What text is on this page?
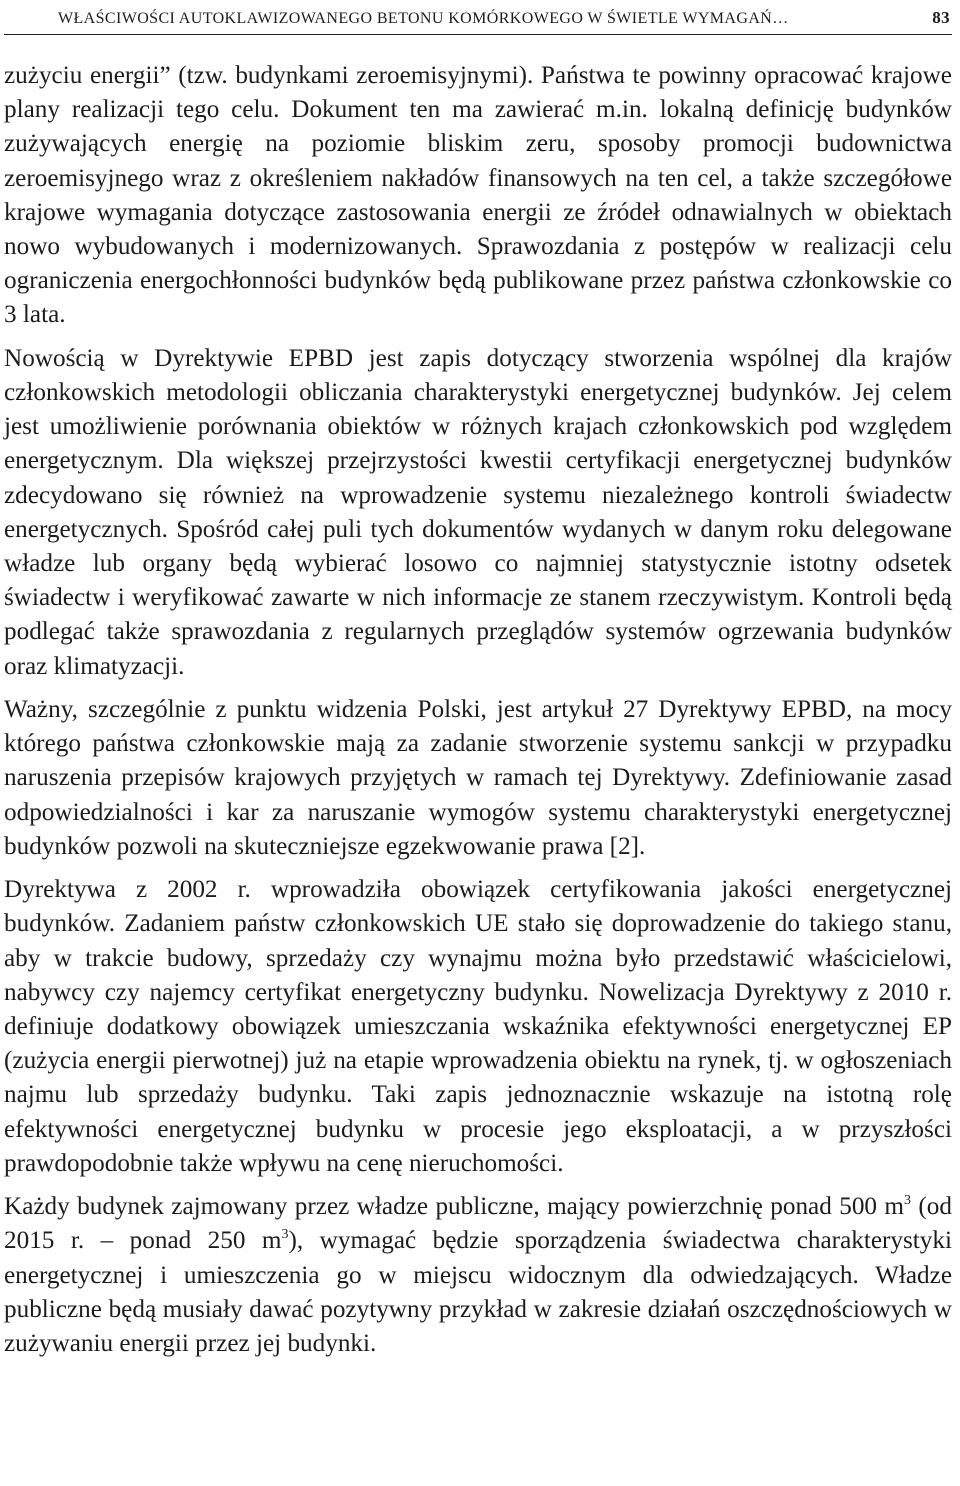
WŁAŚCIWOŚCI AUTOKLAWIZOWANEGO BETONU KOMÓRKOWEGO W ŚWIETLE WYMAGAŃ…	83

zużyciu energii” (tzw. budynkami zeroemisyjnymi). Państwa te powinny opracować krajowe plany realizacji tego celu. Dokument ten ma zawierać m.in. lokalną definicję budynków zużywających energię na poziomie bliskim zeru, sposoby promocji budownictwa zeroemisyjnego wraz z określeniem nakładów finansowych na ten cel, a także szczegółowe krajowe wymagania dotyczące zastosowania energii ze źródeł odnawialnych w obiektach nowo wybudowanych i modernizowanych. Sprawozdania z postępów w realizacji celu ograniczenia energochłonności budynków będą publikowane przez państwa członkowskie co 3 lata.

Nowością w Dyrektywie EPBD jest zapis dotyczący stworzenia wspólnej dla krajów członkowskich metodologii obliczania charakterystyki energetycznej budynków. Jej celem jest umożliwienie porównania obiektów w różnych krajach członkowskich pod względem energetycznym. Dla większej przejrzystości kwestii certyfikacji energetycznej budynków zdecydowano się również na wprowadzenie systemu niezależnego kontroli świadectw energetycznych. Spośród całej puli tych dokumentów wydanych w danym roku delegowane władze lub organy będą wybierać losowo co najmniej statystycznie istotny odsetek świadectw i weryfikować zawarte w nich informacje ze stanem rzeczywistym. Kontroli będą podlegać także sprawozdania z regularnych przeglądów systemów ogrzewania budynków oraz klimatyzacji.

Ważny, szczególnie z punktu widzenia Polski, jest artykuł 27 Dyrektywy EPBD, na mocy którego państwa członkowskie mają za zadanie stworzenie systemu sankcji w przypadku naruszenia przepisów krajowych przyjętych w ramach tej Dyrektywy. Zdefiniowanie zasad odpowiedzialności i kar za naruszanie wymogów systemu charakterystyki energetycznej budynków pozwoli na skuteczniejsze egzekwowanie prawa [2].

Dyrektywa z 2002 r. wprowadziła obowiązek certyfikowania jakości energetycznej budynków. Zadaniem państw członkowskich UE stało się doprowadzenie do takiego stanu, aby w trakcie budowy, sprzedaży czy wynajmu można było przedstawić właścicielowi, nabywcy czy najemcy certyfikat energetyczny budynku. Nowelizacja Dyrektywy z 2010 r. definiuje dodatkowy obowiązek umieszczania wskaźnika efektywności energetycznej EP (zużycia energii pierwotnej) już na etapie wprowadzenia obiektu na rynek, tj. w ogłoszeniach najmu lub sprzedaży budynku. Taki zapis jednoznacznie wskazuje na istotną rolę efektywności energetycznej budynku w procesie jego eksploatacji, a w przyszłości prawdopodobnie także wpływu na cenę nieruchomości.

Każdy budynek zajmowany przez władze publiczne, mający powierzchnię ponad 500 $m^3$ (od 2015 r. – ponad 250 $m^3$), wymagać będzie sporządzenia świadectwa charakterystyki energetycznej i umieszczenia go w miejscu widocznym dla odwiedzających. Władze publiczne będą musiały dawać pozytywny przykład w zakresie działań oszczędnościowych w zużywaniu energii przez jej budynki.
